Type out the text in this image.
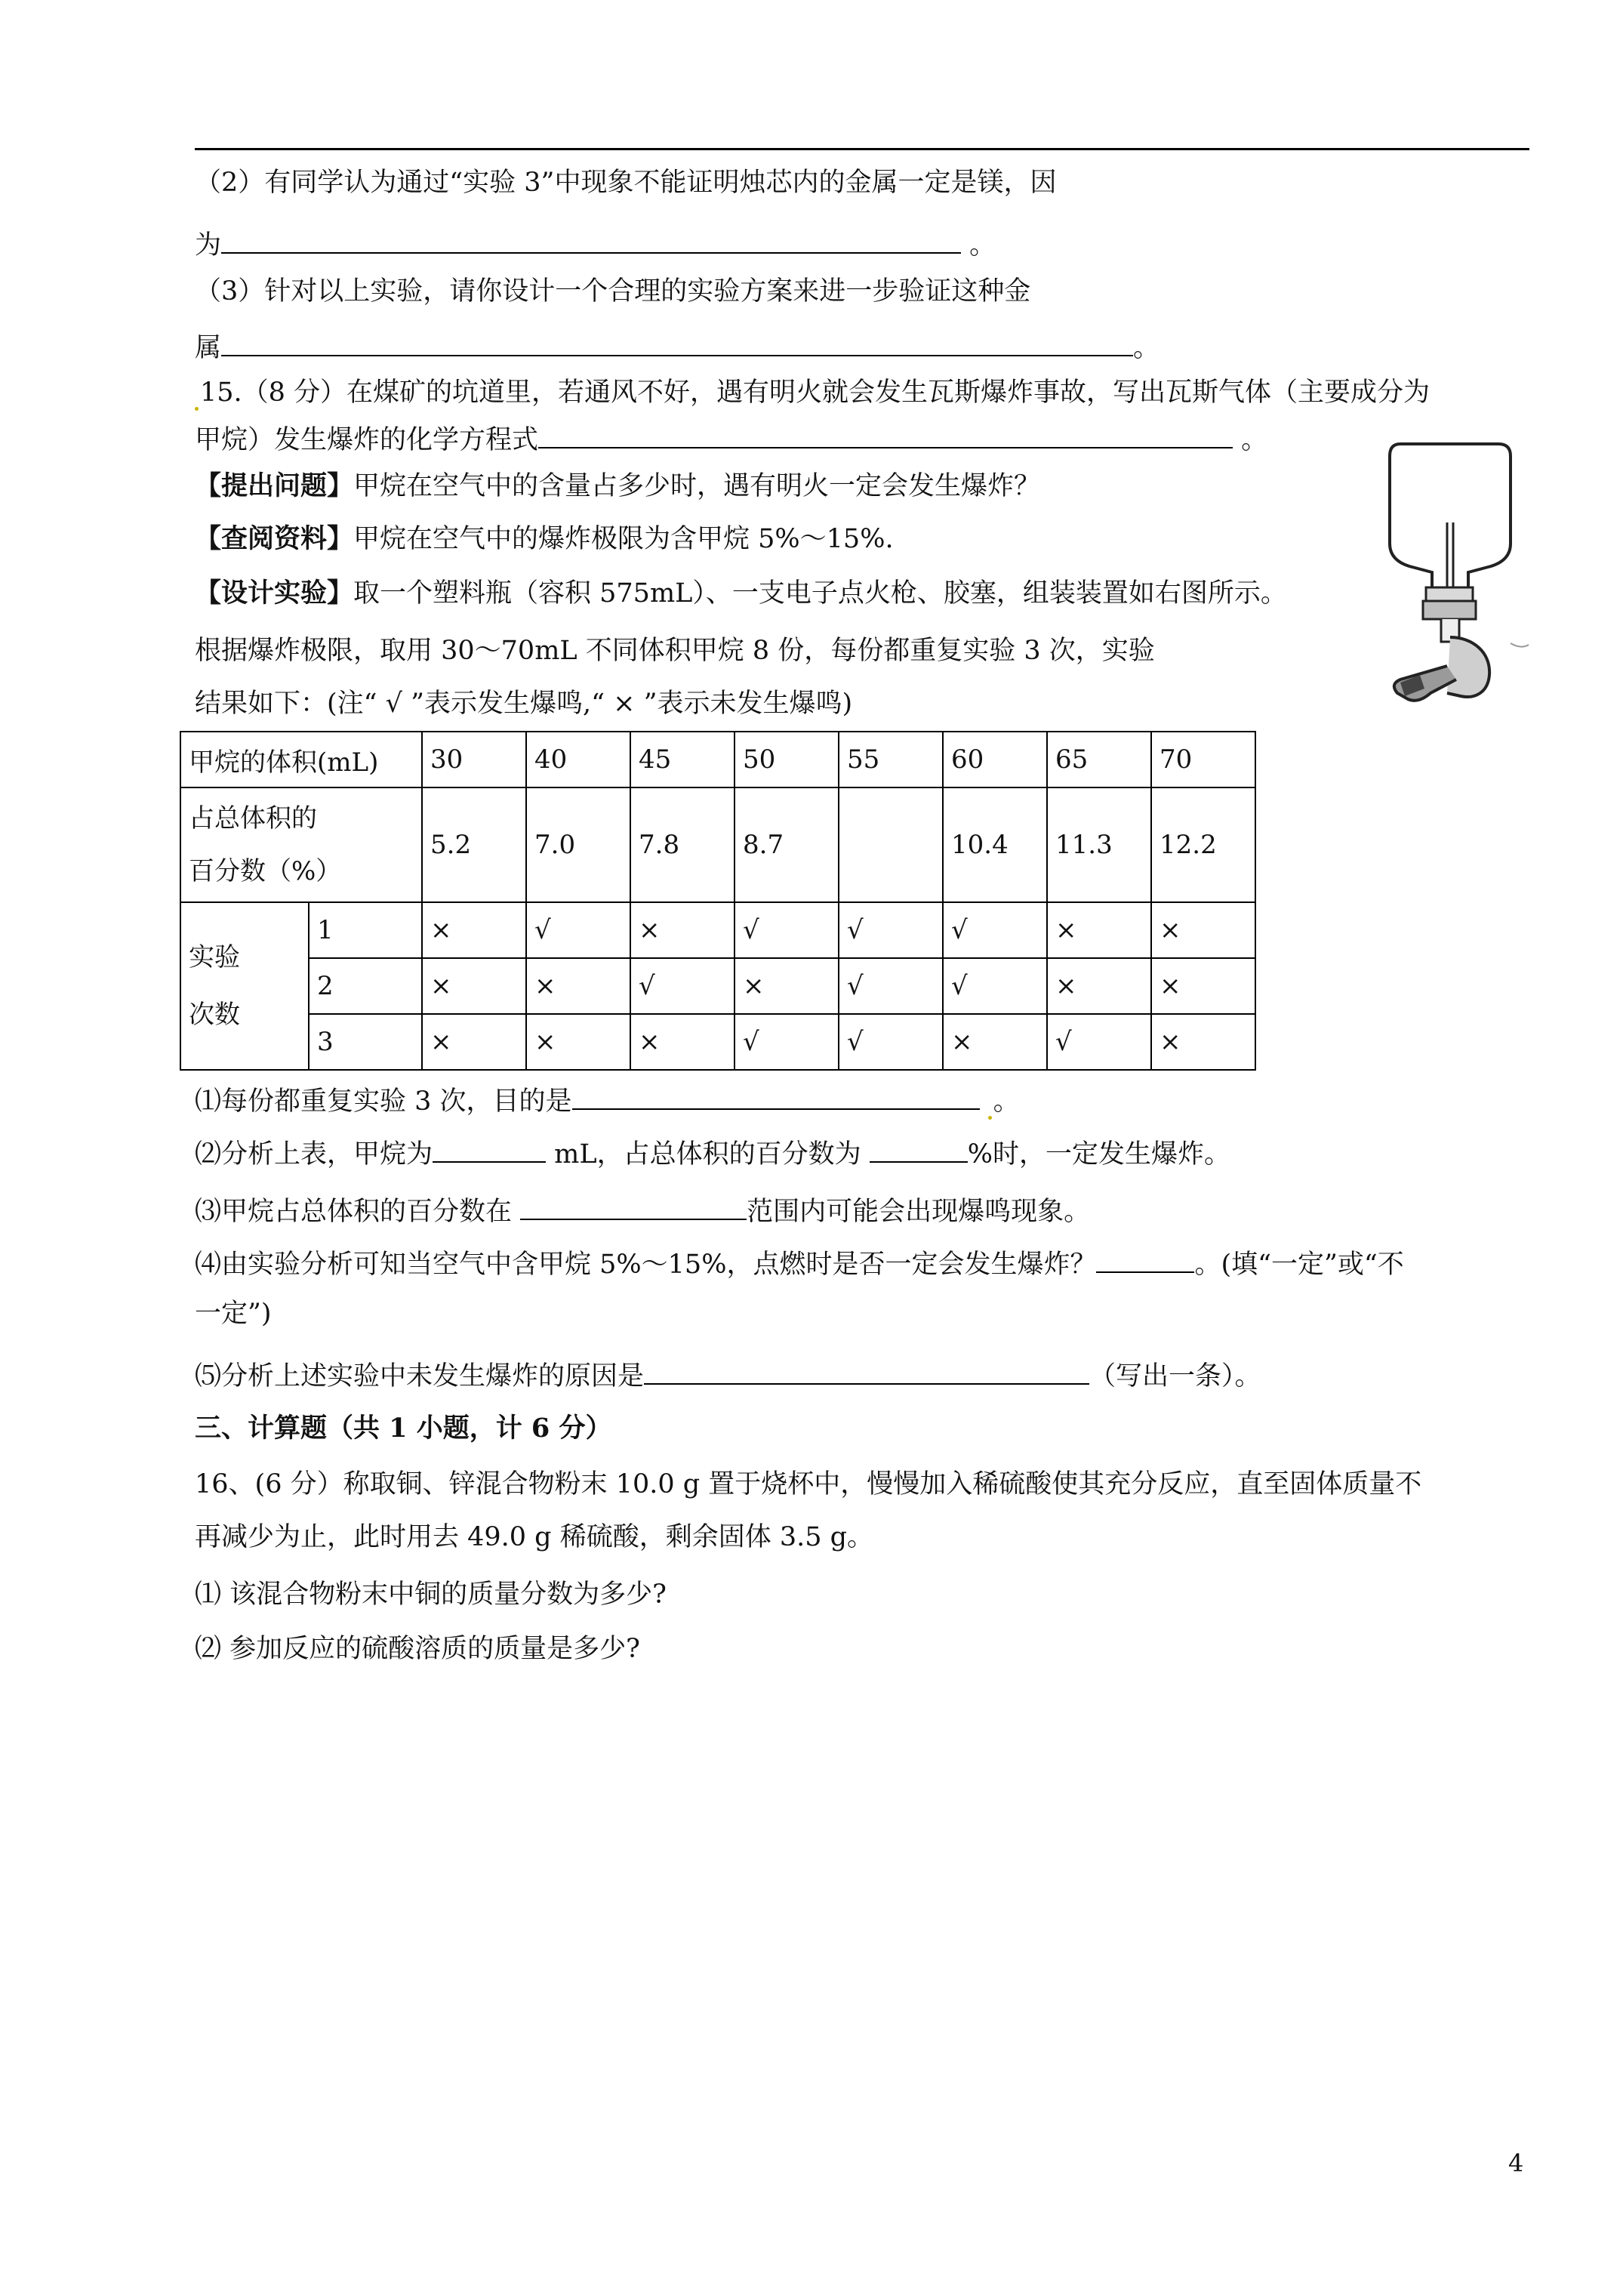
（2）有同学认为通过“实验 3”中现象不能证明烛芯内的金属一定是镁，因
为	。
（3）针对以上实验，请你设计一个合理的实验方案来进一步验证这种金
属	。
15.（8 分）在煤矿的坑道里，若通风不好，遇有明火就会发生瓦斯爆炸事故，写出瓦斯气体（主要成分为
甲烷）发生爆炸的化学方程式	。
【提出问题】甲烷在空气中的含量占多少时，遇有明火一定会发生爆炸？
【查阅资料】甲烷在空气中的爆炸极限为含甲烷 5%～15%.
【设计实验】取一个塑料瓶（容积 575mL）、一支电子点火枪、胶塞，组装装置如右图所示。
根据爆炸极限，取用 30～70mL 不同体积甲烷 8 份，每份都重复实验 3 次，实验
结果如下：(注“ √ ”表示发生爆鸣,“ × ”表示未发生爆鸣)
甲烷的体积(mL)		30	40	45	50	55	60	65	70

占总体积的
百分数（%）		5.2	7.0	7.8	8.7		10.4	11.3	12.2

实验
次数	1	×	√	×	√	√	√	×	×
	2	×	×	√	×	√	√	×	×
	3	×	×	×	√	√	×	√	×
⑴每份都重复实验 3 次，目的是	。
⑵分析上表，甲烷为	mL，占总体积的百分数为	%时，一定发生爆炸。
⑶甲烷占总体积的百分数在	范围内可能会出现爆鸣现象。
⑷由实验分析可知当空气中含甲烷 5%～15%，点燃时是否一定会发生爆炸？	。(填“一定”或“不
一定”)
⑸分析上述实验中未发生爆炸的原因是	（写出一条）。
三、计算题（共 1 小题，计 6 分）
16、(6 分）称取铜、锌混合物粉末 10.0 g 置于烧杯中，慢慢加入稀硫酸使其充分反应，直至固体质量不
再减少为止，此时用去 49.0 g 稀硫酸，剩余固体 3.5 g。
⑴ 该混合物粉末中铜的质量分数为多少?
⑵ 参加反应的硫酸溶质的质量是多少?
4
